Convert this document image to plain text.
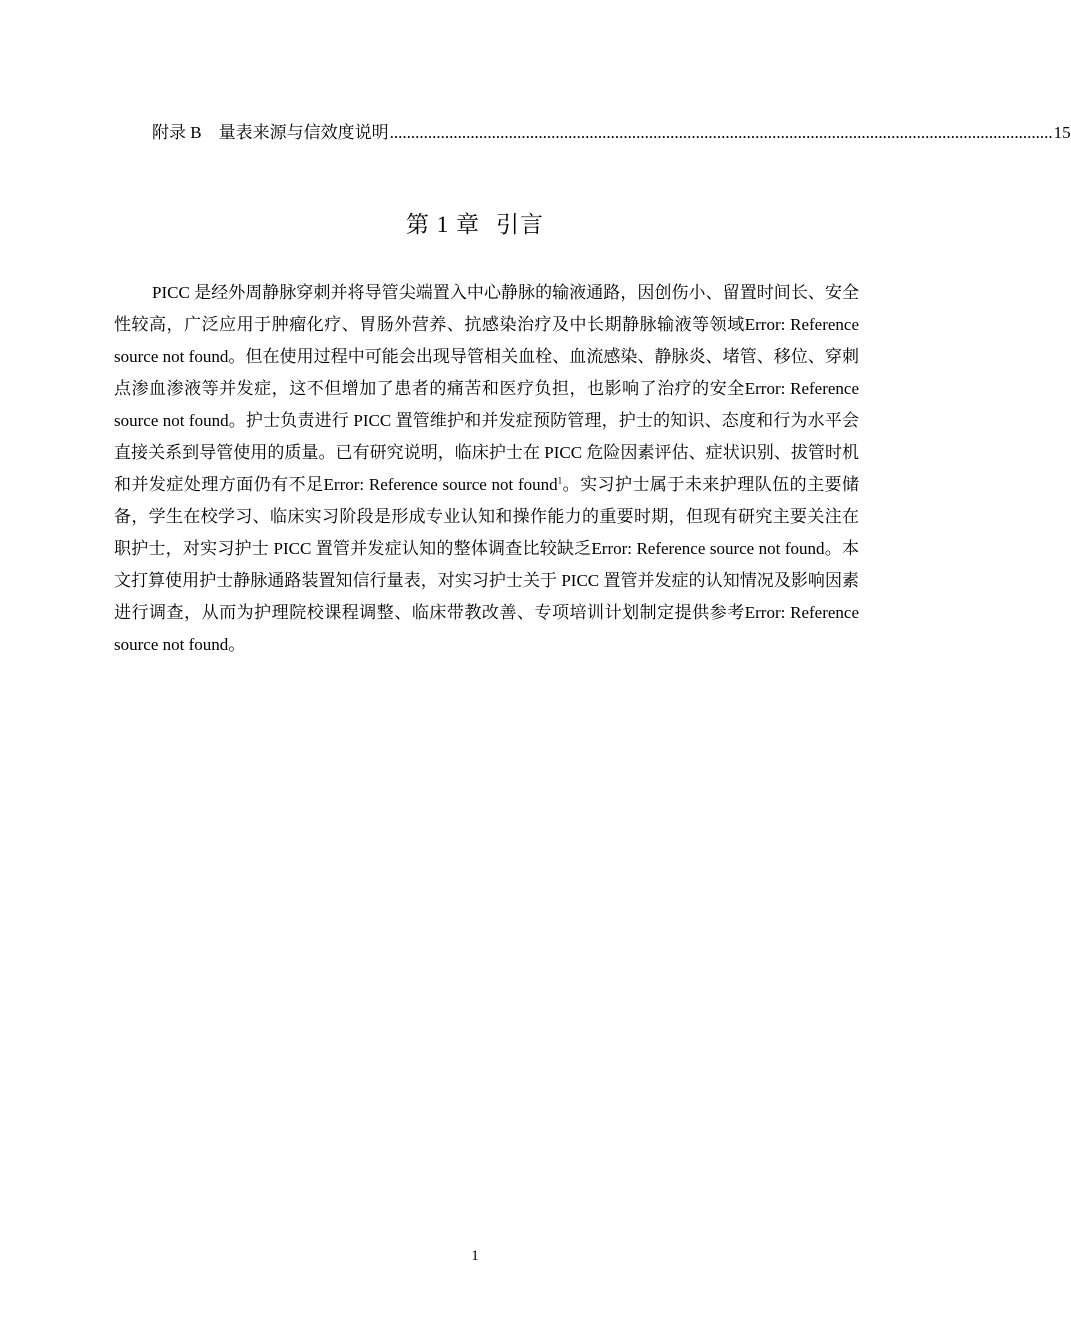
附录 B　量表来源与信效度说明 ............................................................................................................................................................ 15
第 1 章 引言

PICC 是经外周静脉穿刺并将导管尖端置入中心静脉的输液通路，因创伤小、留置时间长、安全性较高，广泛应用于肿瘤化疗、胃肠外营养、抗感染治疗及中长期静脉输液等领域Error: Reference source not found。但在使用过程中可能会出现导管相关血栓、血流感染、静脉炎、堵管、移位、穿刺点渗血渗液等并发症，这不但增加了患者的痛苦和医疗负担，也影响了治疗的安全Error: Reference source not found。护士负责进行 PICC 置管维护和并发症预防管理，护士的知识、态度和行为水平会直接关系到导管使用的质量。已有研究说明，临床护士在 PICC 危险因素评估、症状识别、拔管时机和并发症处理方面仍有不足Error: Reference source not found$^1$。实习护士属于未来护理队伍的主要储备，学生在校学习、临床实习阶段是形成专业认知和操作能力的重要时期，但现有研究主要关注在职护士，对实习护士 PICC 置管并发症认知的整体调查比较缺乏Error: Reference source not found。本文打算使用护士静脉通路装置知信行量表，对实习护士关于 PICC 置管并发症的认知情况及影响因素进行调查，从而为护理院校课程调整、临床带教改善、专项培训计划制定提供参考Error: Reference source not found。

1
